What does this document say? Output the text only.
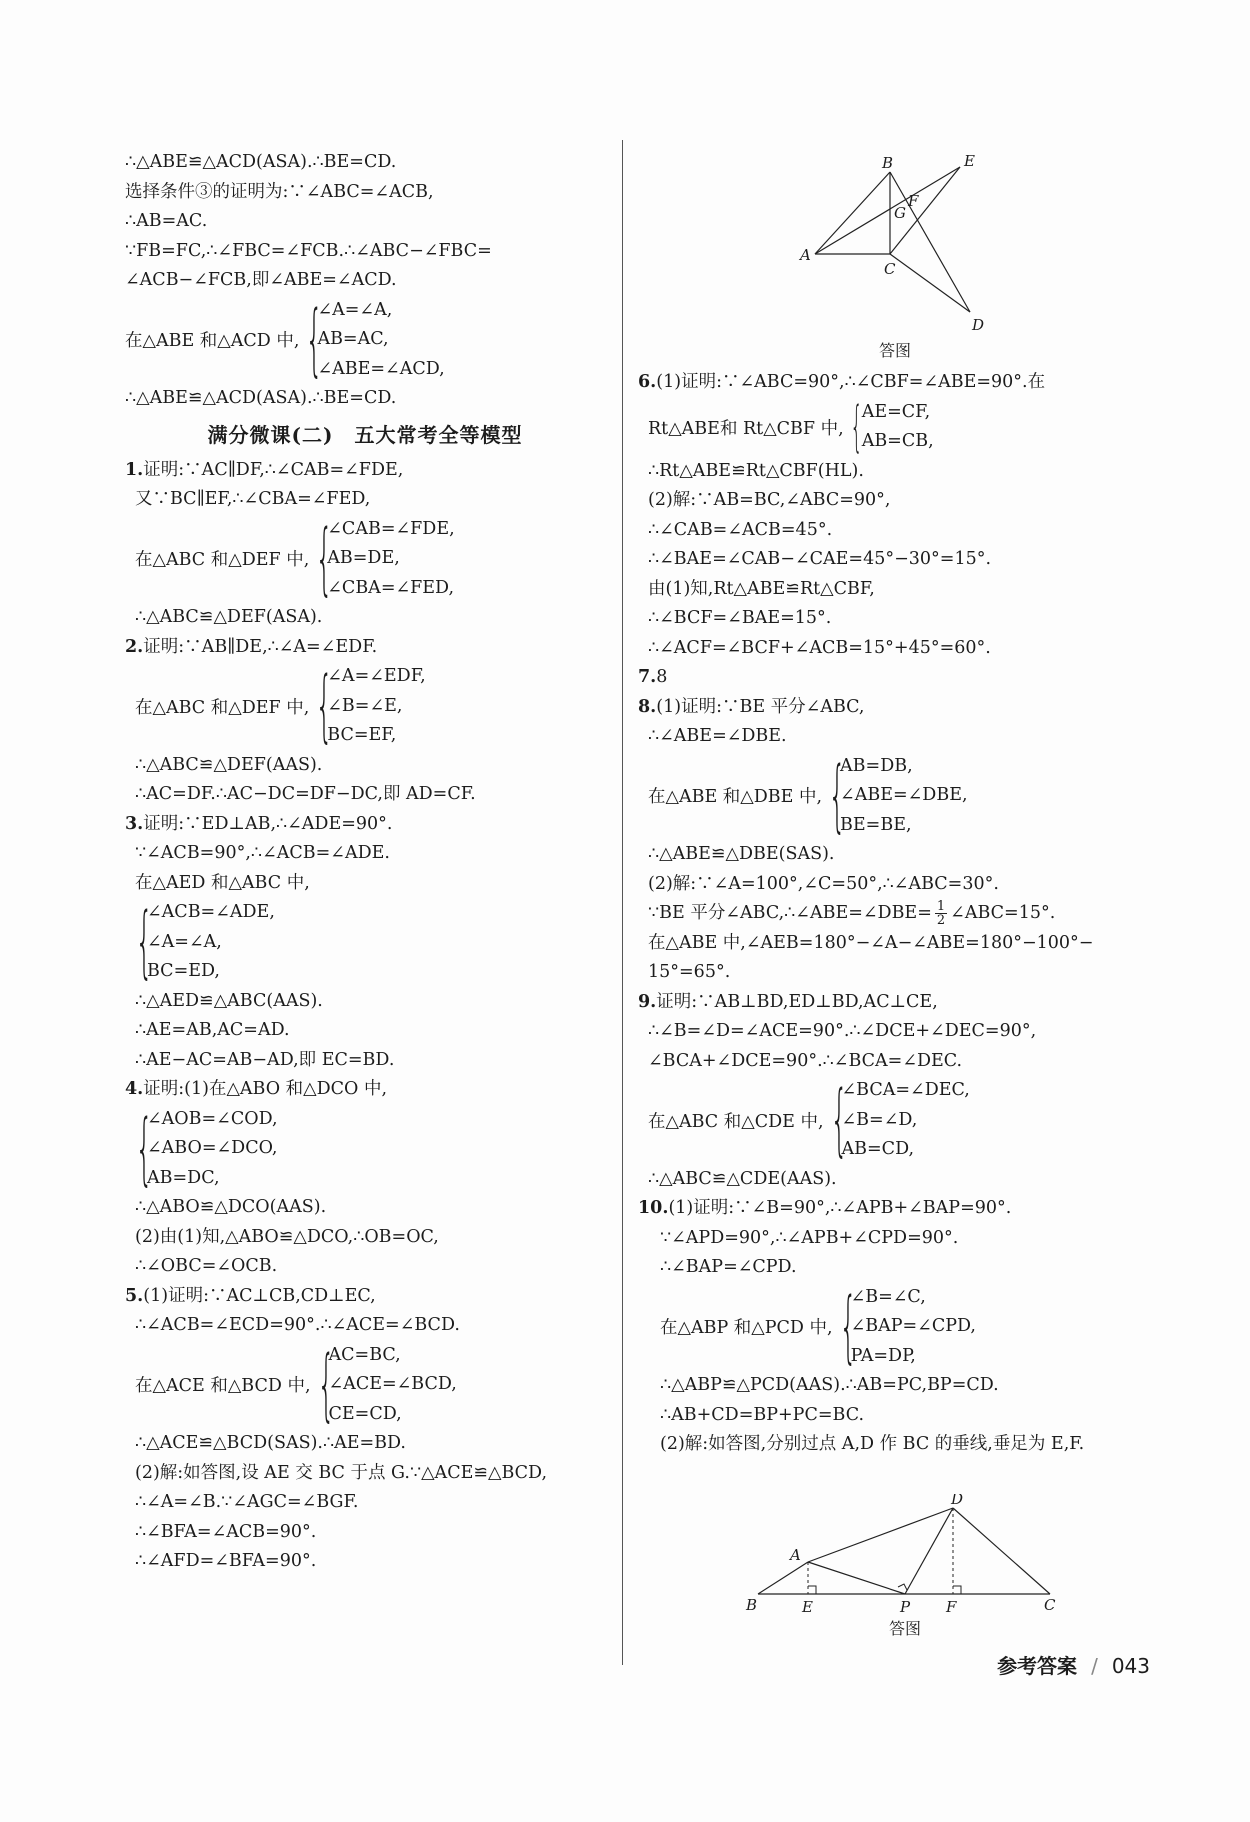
∴△ABE≌△ACD(ASA).∴BE=CD.
选择条件③的证明为:∵∠ABC=∠ACB,
∴AB=AC.
∵FB=FC,∴∠FBC=∠FCB.∴∠ABC−∠FBC=
∠ACB−∠FCB,即∠ABE=∠ACD.
在△ABE 和△ACD 中, {
∠A=∠A,
AB=AC,
∠ABE=∠ACD,
∴△ABE≌△ACD(ASA).∴BE=CD.
满分微课(二)　五大常考全等模型
1.证明:∵AC∥DF,∴∠CAB=∠FDE,
又∵BC∥EF,∴∠CBA=∠FED,
在△ABC 和△DEF 中, {
∠CAB=∠FDE,
AB=DE,
∠CBA=∠FED,
∴△ABC≌△DEF(ASA).
2.证明:∵AB∥DE,∴∠A=∠EDF.
在△ABC 和△DEF 中, {
∠A=∠EDF,
∠B=∠E,
BC=EF,
∴△ABC≌△DEF(AAS).
∴AC=DF.∴AC−DC=DF−DC,即 AD=CF.
3.证明:∵ED⊥AB,∴∠ADE=90°.
∵∠ACB=90°,∴∠ACB=∠ADE.
在△AED 和△ABC 中,
{
∠ACB=∠ADE,
∠A=∠A,
BC=ED,
∴△AED≌△ABC(AAS).
∴AE=AB,AC=AD.
∴AE−AC=AB−AD,即 EC=BD.
4.证明:(1)在△ABO 和△DCO 中,
{
∠AOB=∠COD,
∠ABO=∠DCO,
AB=DC,
∴△ABO≌△DCO(AAS).
(2)由(1)知,△ABO≌△DCO,∴OB=OC,
∴∠OBC=∠OCB.
5.(1)证明:∵AC⊥CB,CD⊥EC,
∴∠ACB=∠ECD=90°.∴∠ACE=∠BCD.
在△ACE 和△BCD 中, {
AC=BC,
∠ACE=∠BCD,
CE=CD,
∴△ACE≌△BCD(SAS).∴AE=BD.
(2)解:如答图,设 AE 交 BC 于点 G.∵△ACE≌△BCD,
∴∠A=∠B.∵∠AGC=∠BGF.
∴∠BFA=∠ACB=90°.
∴∠AFD=∠BFA=90°.
B	E
F
G
A
C
D
答图
6.(1)证明:∵∠ABC=90°,∴∠CBF=∠ABE=90°.在
Rt△ABE和 Rt△CBF 中, { AE=CF,
AB=CB,
∴Rt△ABE≌Rt△CBF(HL).
(2)解:∵AB=BC,∠ABC=90°,
∴∠CAB=∠ACB=45°.
∴∠BAE=∠CAB−∠CAE=45°−30°=15°.
由(1)知,Rt△ABE≌Rt△CBF,
∴∠BCF=∠BAE=15°.
∴∠ACF=∠BCF+∠ACB=15°+45°=60°.
7.8
8.(1)证明:∵BE 平分∠ABC,
∴∠ABE=∠DBE.
在△ABE 和△DBE 中, {
AB=DB,
∠ABE=∠DBE,
BE=BE,
∴△ABE≌△DBE(SAS).
(2)解:∵∠A=100°,∠C=50°,∴∠ABC=30°.
∵BE 平分∠ABC,∴∠ABE=∠DBE= $\frac{1}{2}$ ∠ABC=15°.
在△ABE 中,∠AEB=180°−∠A−∠ABE=180°−100°−
15°=65°.
9.证明:∵AB⊥BD,ED⊥BD,AC⊥CE,
∴∠B=∠D=∠ACE=90°.∴∠DCE+∠DEC=90°,
∠BCA+∠DCE=90°.∴∠BCA=∠DEC.
在△ABC 和△CDE 中, {
∠BCA=∠DEC,
∠B=∠D,
AB=CD,
∴△ABC≌△CDE(AAS).
10.(1)证明:∵∠B=90°,∴∠APB+∠BAP=90°.
∵∠APD=90°,∴∠APB+∠CPD=90°.
∴∠BAP=∠CPD.
在△ABP 和△PCD 中, {
∠B=∠C,
∠BAP=∠CPD,
PA=DP,
∴△ABP≌△PCD(AAS).∴AB=PC,BP=CD.
∴AB+CD=BP+PC=BC.
(2)解:如答图,分别过点 A,D 作 BC 的垂线,垂足为 E,F.
D
A
B	E	P F	C
答图
参考答案 / 043
